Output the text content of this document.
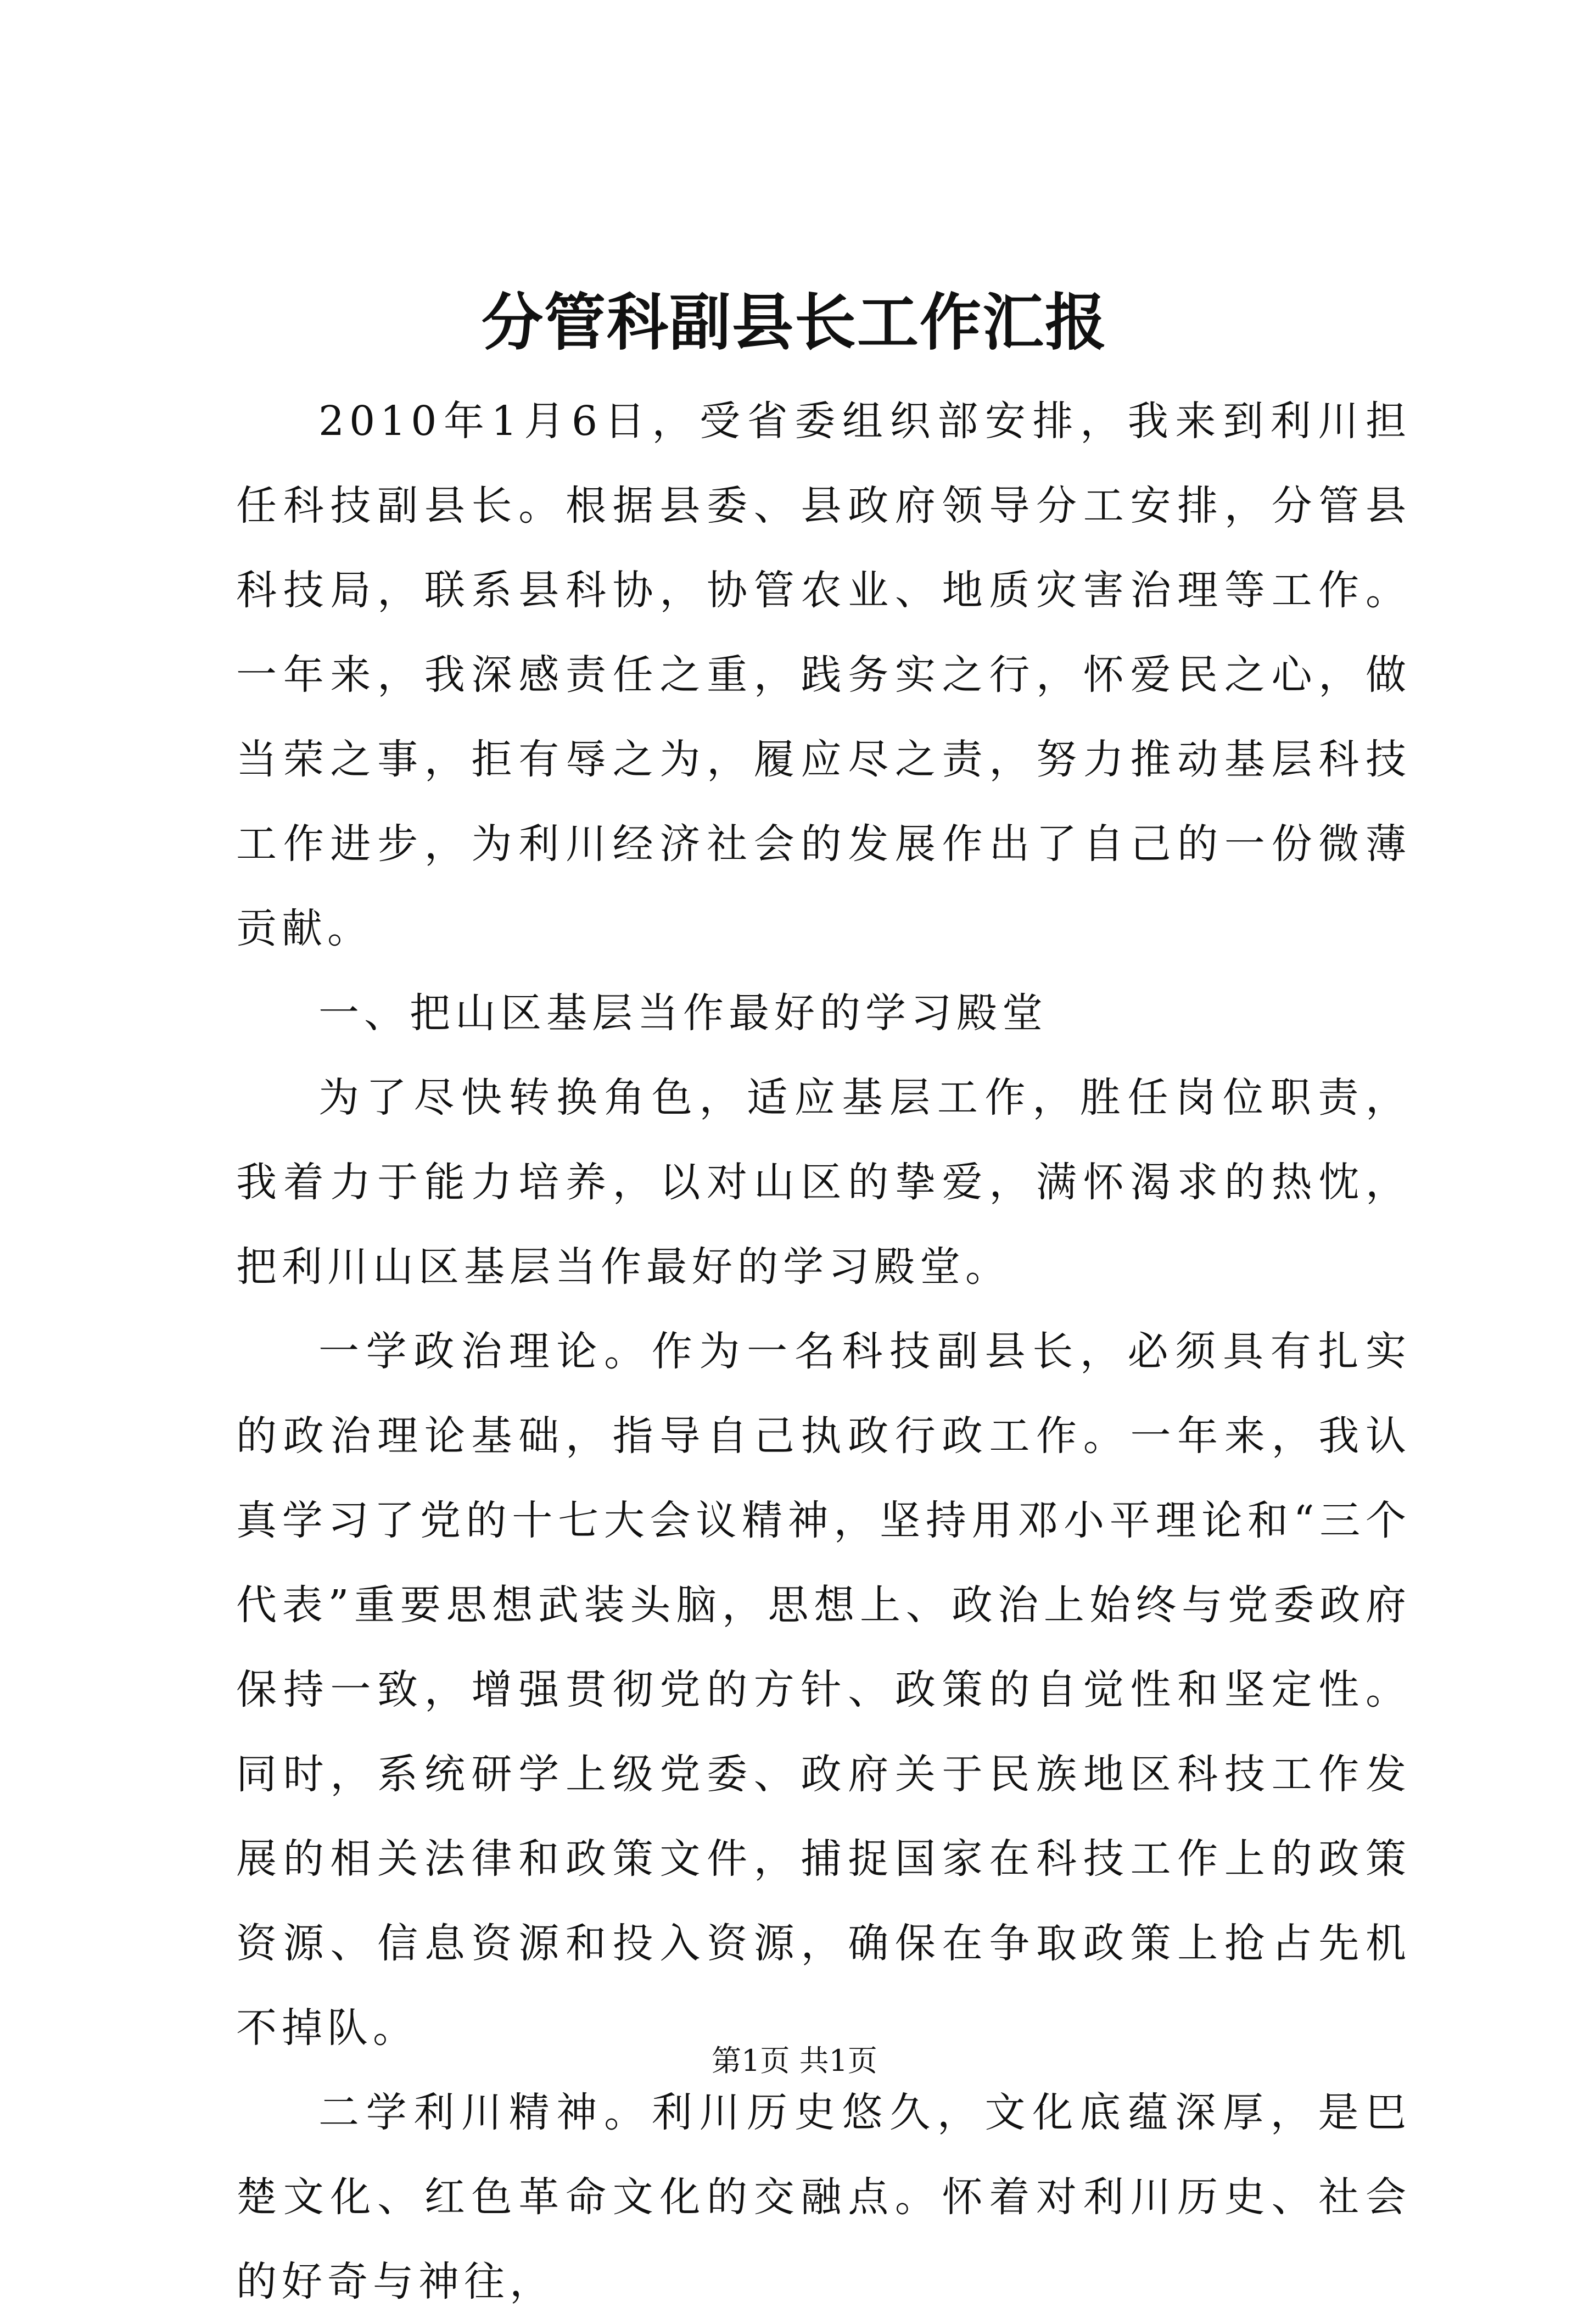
分管科副县长工作汇报

2010年1月6日，受省委组织部安排，我来到利川担任科技副县长。根据县委、县政府领导分工安排，分管县科技局，联系县科协，协管农业、地质灾害治理等工作。一年来，我深感责任之重，践务实之行，怀爱民之心，做当荣之事，拒有辱之为，履应尽之责，努力推动基层科技工作进步，为利川经济社会的发展作出了自己的一份微薄贡献。

一、把山区基层当作最好的学习殿堂

为了尽快转换角色，适应基层工作，胜任岗位职责，我着力于能力培养，以对山区的挚爱，满怀渴求的热忱，把利川山区基层当作最好的学习殿堂。

一学政治理论。作为一名科技副县长，必须具有扎实的政治理论基础，指导自己执政行政工作。一年来，我认真学习了党的十七大会议精神，坚持用邓小平理论和“三个代表”重要思想武装头脑，思想上、政治上始终与党委政府保持一致，增强贯彻党的方针、政策的自觉性和坚定性。同时，系统研学上级党委、政府关于民族地区科技工作发展的相关法律和政策文件，捕捉国家在科技工作上的政策资源、信息资源和投入资源，确保在争取政策上抢占先机不掉队。

二学利川精神。利川历史悠久，文化底蕴深厚，是巴楚文化、红色革命文化的交融点。怀着对利川历史、社会的好奇与神往，

第1页 共1页
